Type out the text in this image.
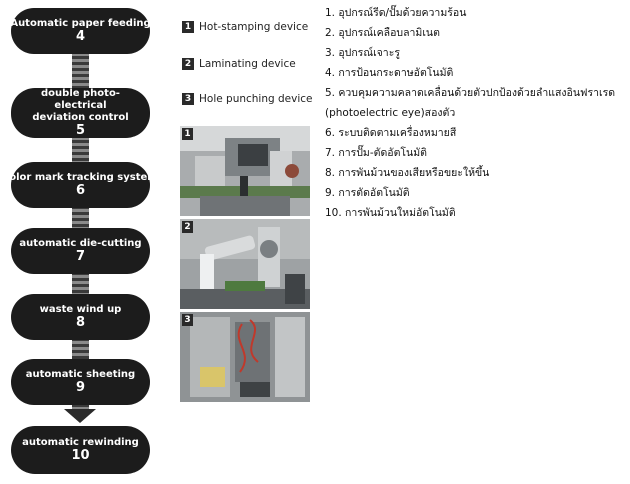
Automatic paper feeding
4
double photo-electrical
deviation control
5
color mark tracking system
6
automatic die-cutting
7
waste wind up
8
automatic sheeting
9
automatic rewinding
10
1 Hot-stamping device
2 Laminating device
3 Hole punching device
1
2
3
1. อุปกรณ์รีด/ปั๊มด้วยความร้อน
2. อุปกรณ์เคลือบลามิเนต
3. อุปกรณ์เจาะรู
4. การป้อนกระดาษอัตโนมัติ
5. ควบคุมความคลาดเคลื่อนด้วยตัวปกป้องด้วยลำแสงอินฟราเรด
(photoelectric eye)สองตัว
6. ระบบติดตามเครื่องหมายสี
7. การปั๊ม-ตัดอัตโนมัติ
8. การพันม้วนของเสียหรือขยะให้ขึ้น
9. การตัดอัตโนมัติ
10. การพันม้วนใหม่อัตโนมัติ
